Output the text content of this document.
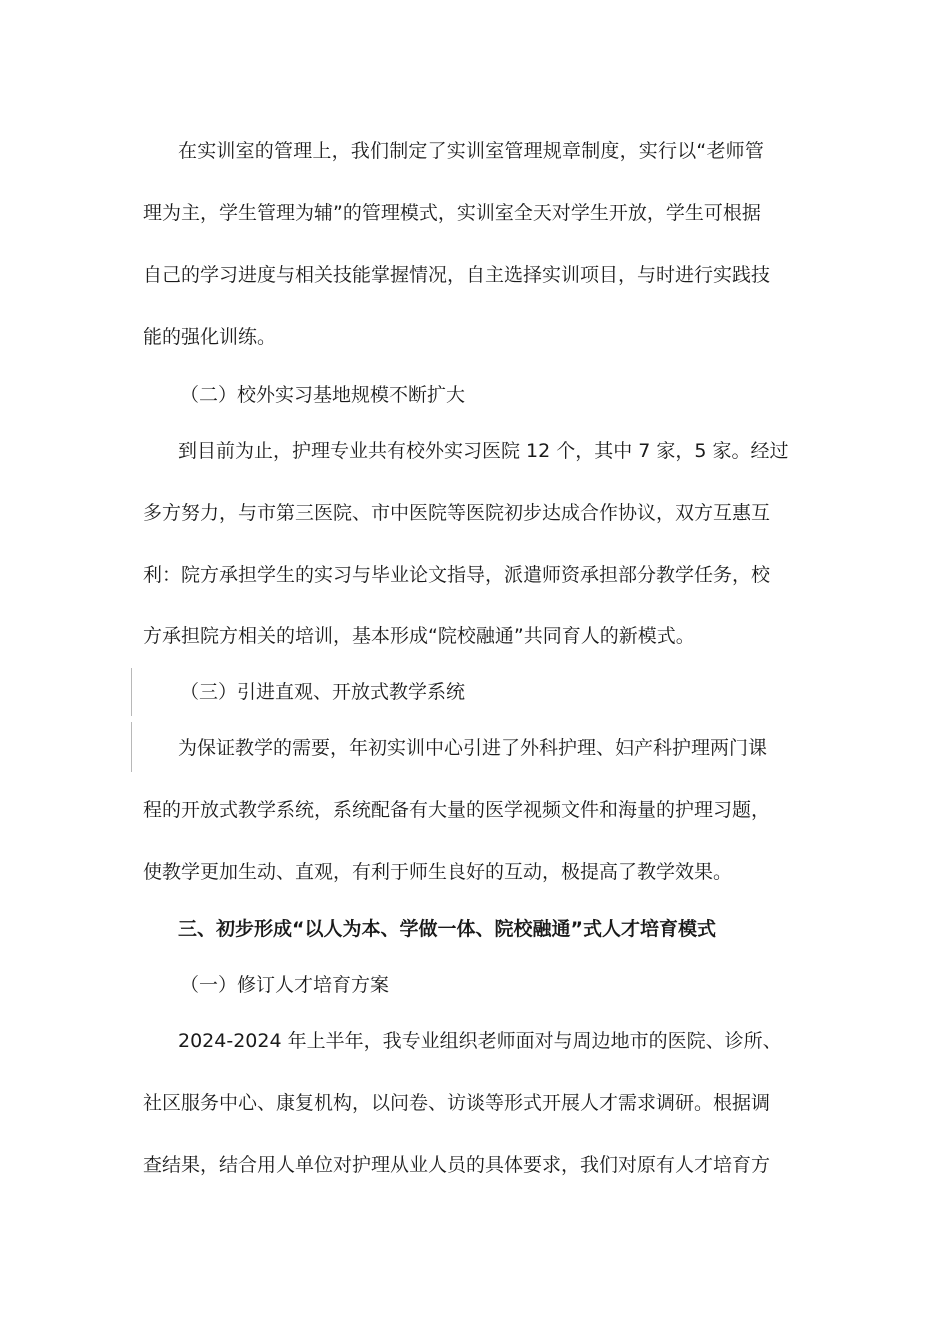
在实训室的管理上，我们制定了实训室管理规章制度，实行以“老师管
理为主，学生管理为辅”的管理模式，实训室全天对学生开放，学生可根据
自己的学习进度与相关技能掌握情况，自主选择实训项目，与时进行实践技
能的强化训练。
（二）校外实习基地规模不断扩大
到目前为止，护理专业共有校外实习医院 12 个，其中 7 家，5 家。经过
多方努力，与市第三医院、市中医院等医院初步达成合作协议，双方互惠互
利：院方承担学生的实习与毕业论文指导，派遣师资承担部分教学任务，校
方承担院方相关的培训，基本形成“院校融通”共同育人的新模式。
（三）引进直观、开放式教学系统
为保证教学的需要，年初实训中心引进了外科护理、妇产科护理两门课
程的开放式教学系统，系统配备有大量的医学视频文件和海量的护理习题，
使教学更加生动、直观，有利于师生良好的互动，极提高了教学效果。
三、初步形成“以人为本、学做一体、院校融通”式人才培育模式
（一）修订人才培育方案
2024-2024 年上半年，我专业组织老师面对与周边地市的医院、诊所、
社区服务中心、康复机构，以问卷、访谈等形式开展人才需求调研。根据调
查结果，结合用人单位对护理从业人员的具体要求，我们对原有人才培育方
